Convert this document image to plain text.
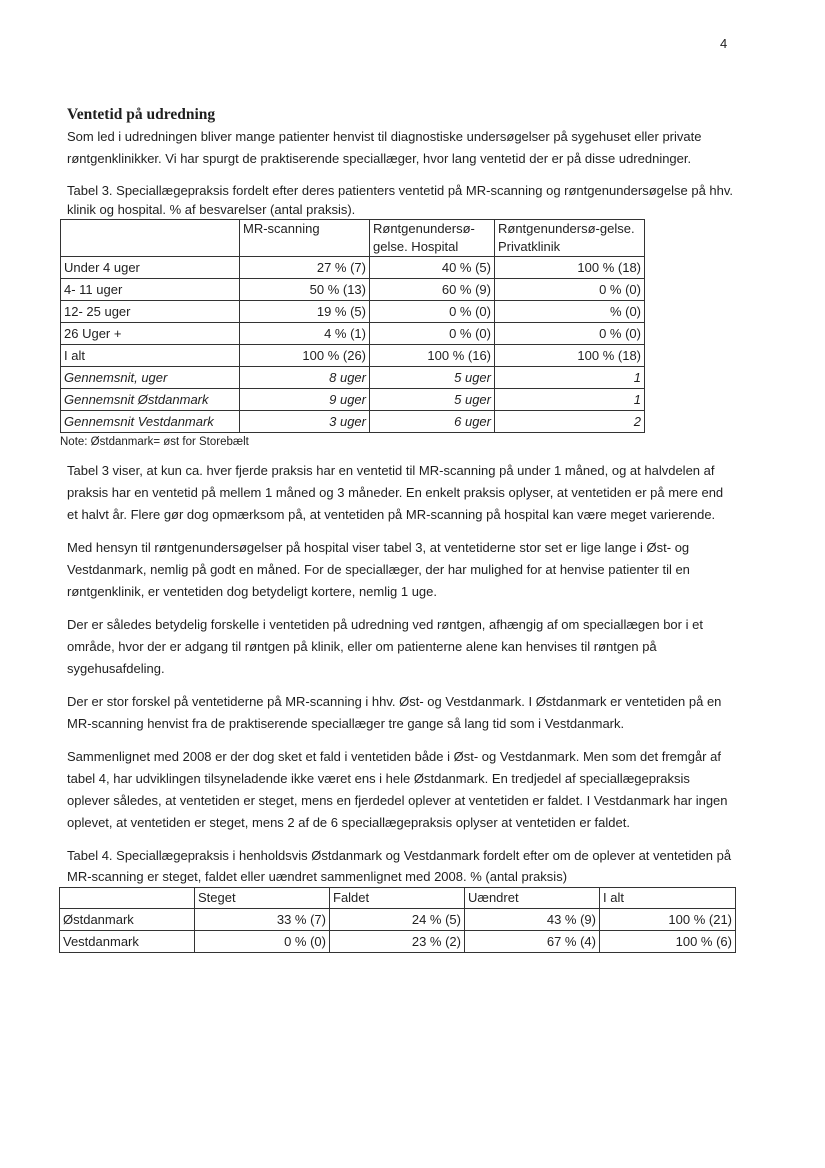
4
Ventetid på udredning

Som led i udredningen bliver mange patienter henvist til diagnostiske undersøgelser på sygehuset eller private røntgenklinikker. Vi har spurgt de praktiserende speciallæger, hvor lang ventetid der er på disse udredninger.

Tabel 3. Speciallægepraksis fordelt efter deres patienters ventetid på MR-scanning og røntgenundersøgelse på hhv. klinik og hospital. % af besvarelser (antal praksis).

	MR-scanning	Røntgenundersø-gelse. Hospital	Røntgenundersø-gelse. Privatklinik

Under 4 uger	27 % (7)	40 % (5)	100 % (18)
4- 11 uger	50 % (13)	60 % (9)	0 % (0)
12- 25 uger	19 % (5)	0 % (0)	% (0)
26 Uger +	4 % (1)	0 % (0)	0 % (0)
I alt	100 % (26)	100 % (16)	100 % (18)
Gennemsnit, uger	8 uger	5 uger	1
Gennemsnit Østdanmark	9 uger	5 uger	1
Gennemsnit Vestdanmark	3 uger	6 uger	2
Note: Østdanmark= øst for Storebælt

Tabel 3 viser, at kun ca. hver fjerde praksis har en ventetid til MR-scanning på under 1 måned, og at halvdelen af praksis har en ventetid på mellem 1 måned og 3 måneder. En enkelt praksis oplyser, at ventetiden er på mere end et halvt år. Flere gør dog opmærksom på, at ventetiden på MR-scanning på hospital kan være meget varierende.

Med hensyn til røntgenundersøgelser på hospital viser tabel 3, at ventetiderne stor set er lige lange i Øst- og Vestdanmark, nemlig på godt en måned. For de speciallæger, der har mulighed for at henvise patienter til en røntgenklinik, er ventetiden dog betydeligt kortere, nemlig 1 uge.

Der er således betydelig forskelle i ventetiden på udredning ved røntgen, afhængig af om speciallægen bor i et område, hvor der er adgang til røntgen på klinik, eller om patienterne alene kan henvises til røntgen på sygehusafdeling.

Der er stor forskel på ventetiderne på MR-scanning i hhv. Øst- og Vestdanmark. I Østdanmark er ventetiden på en MR-scanning henvist fra de praktiserende speciallæger tre gange så lang tid som i Vestdanmark.

Sammenlignet med 2008 er der dog sket et fald i ventetiden både i Øst- og Vestdanmark. Men som det fremgår af tabel 4, har udviklingen tilsyneladende ikke været ens i hele Østdanmark. En tredjedel af speciallægepraksis oplever således, at ventetiden er steget, mens en fjerdedel oplever at ventetiden er faldet. I Vestdanmark har ingen oplevet, at ventetiden er steget, mens 2 af de 6 speciallægepraksis oplyser at ventetiden er faldet.

Tabel 4. Speciallægepraksis i henholdsvis Østdanmark og Vestdanmark fordelt efter om de oplever at ventetiden på MR-scanning er steget, faldet eller uændret sammenlignet med 2008. % (antal praksis)

	Steget	Faldet	Uændret	I alt
Østdanmark	33 % (7)	24 % (5)	43 % (9)	100 % (21)
Vestdanmark	0 % (0)	23 % (2)	67 % (4)	100 % (6)
